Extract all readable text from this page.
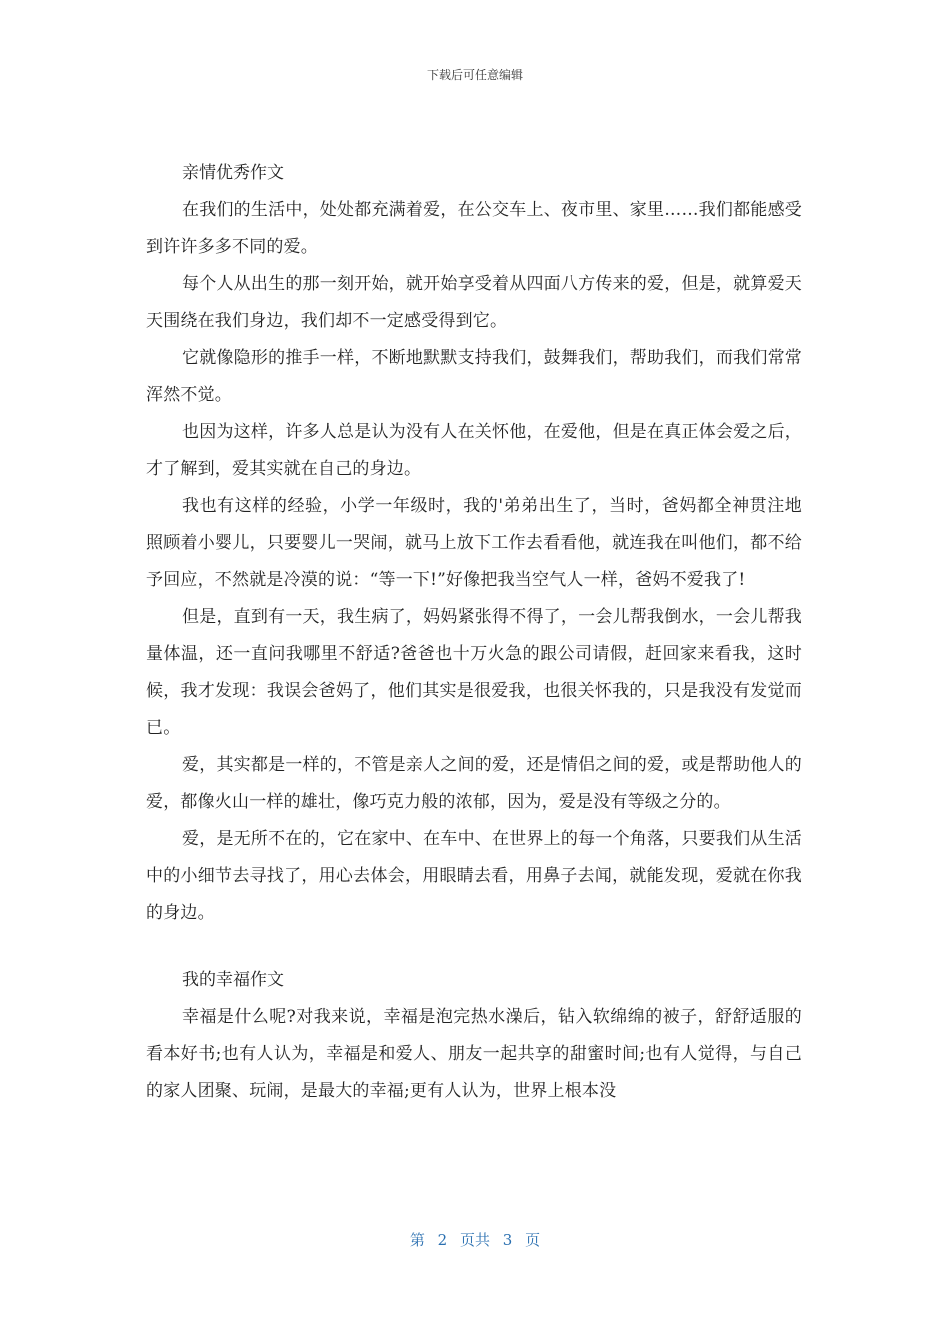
下载后可任意编辑

亲情优秀作文

在我们的生活中，处处都充满着爱，在公交车上、夜市里、家里……我们都能感受到许许多多不同的爱。

每个人从出生的那一刻开始，就开始享受着从四面八方传来的爱，但是，就算爱天天围绕在我们身边，我们却不一定感受得到它。

它就像隐形的推手一样，不断地默默支持我们，鼓舞我们，帮助我们，而我们常常浑然不觉。

也因为这样，许多人总是认为没有人在关怀他，在爱他，但是在真正体会爱之后，才了解到，爱其实就在自己的身边。

我也有这样的经验，小学一年级时，我的'弟弟出生了，当时，爸妈都全神贯注地照顾着小婴儿，只要婴儿一哭闹，就马上放下工作去看看他，就连我在叫他们，都不给予回应，不然就是冷漠的说：“等一下!”好像把我当空气人一样，爸妈不爱我了!

但是，直到有一天，我生病了，妈妈紧张得不得了，一会儿帮我倒水，一会儿帮我量体温，还一直问我哪里不舒适?爸爸也十万火急的跟公司请假，赶回家来看我，这时候，我才发现：我误会爸妈了，他们其实是很爱我，也很关怀我的，只是我没有发觉而已。

爱，其实都是一样的，不管是亲人之间的爱，还是情侣之间的爱，或是帮助他人的爱，都像火山一样的雄壮，像巧克力般的浓郁，因为，爱是没有等级之分的。

爱，是无所不在的，它在家中、在车中、在世界上的每一个角落，只要我们从生活中的小细节去寻找了，用心去体会，用眼睛去看，用鼻子去闻，就能发现，爱就在你我的身边。

我的幸福作文

幸福是什么呢?对我来说，幸福是泡完热水澡后，钻入软绵绵的被子，舒舒适服的看本好书;也有人认为，幸福是和爱人、朋友一起共享的甜蜜时间;也有人觉得，与自己的家人团聚、玩闹，是最大的幸福;更有人认为，世界上根本没

第 2 页共 3 页
